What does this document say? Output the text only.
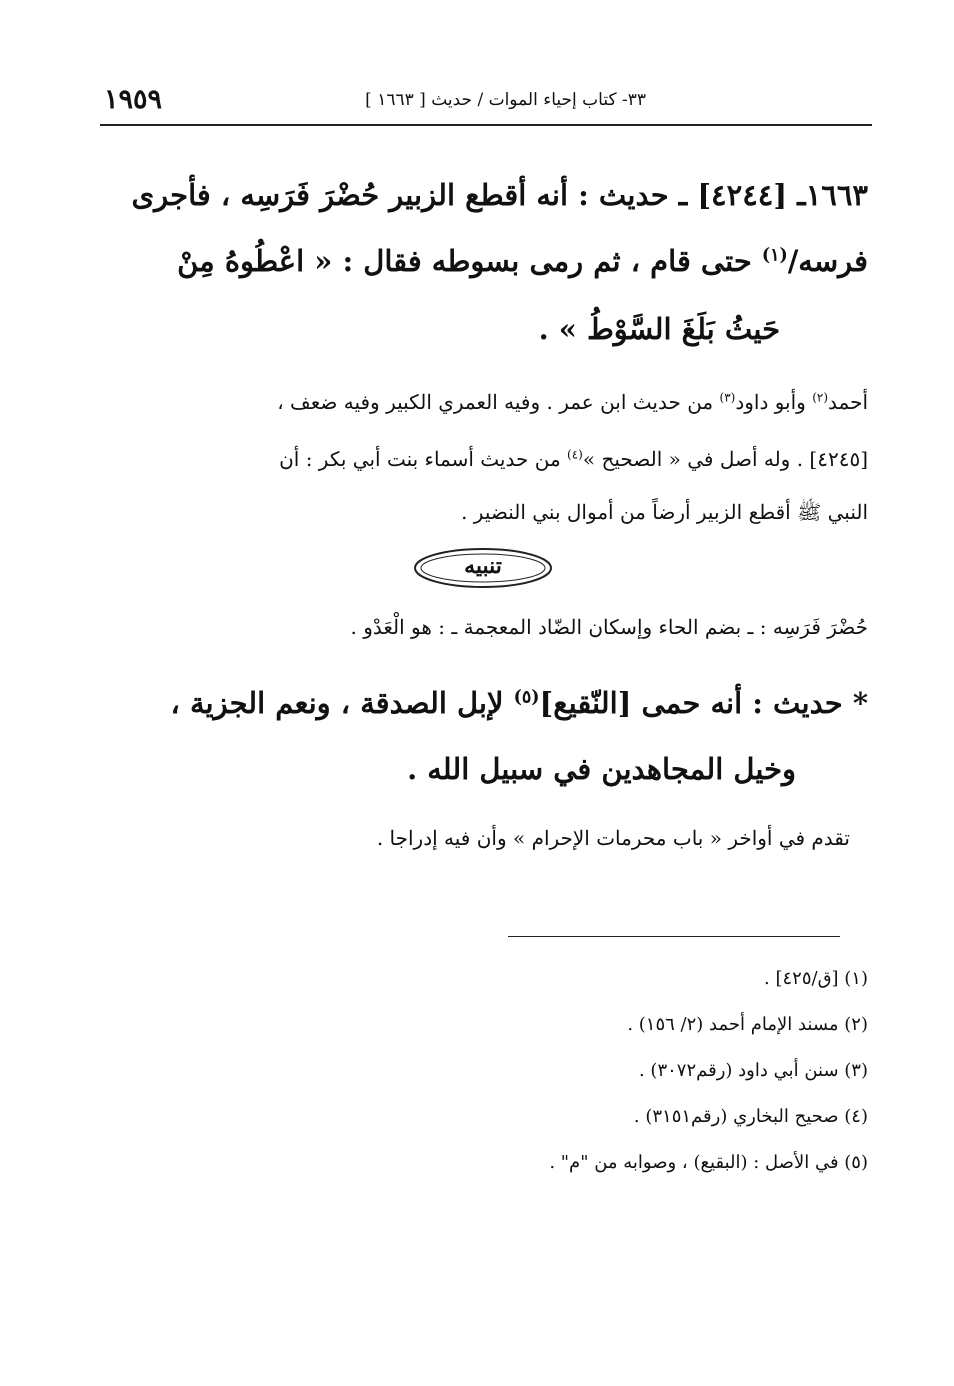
١٩٥٩	٣٣- كتاب إحياء الموات / حديث [ ١٦٦٣ ]
١٦٦٣ـ [٤٢٤٤] ـ حديث : أنه أقطع الزبير حُضْرَ فَرَسِه ، فأجرى
فرسه/$^{(١)}$ حتى قام ، ثم رمى بسوطه فقال : « اعْطُوهُ مِنْ
حَيثُ بَلَغَ السَّوْطُ » .
أحمد$^{(٢)}$ وأبو داود$^{(٣)}$ من حديث ابن عمر . وفيه العمري الكبير وفيه ضعف ،
[٤٢٤٥] . وله أصل في « الصحيح »$^{(٤)}$ من حديث أسماء بنت أبي بكر : أن
النبي ﷺ أقطع الزبير أرضاً من أموال بني النضير .
تنبيه
حُضْرَ فَرَسِه : ـ بضم الحاء وإسكان الضّاد المعجمة ـ : هو الْعَدْو .
* حديث : أنه حمى [النّقيع]$^{(٥)}$ لإبل الصدقة ، ونعم الجزية ،
وخيل المجاهدين في سبيل الله .
تقدم في أواخر « باب محرمات الإحرام » وأن فيه إدراجا .
(١) [ق/٤٢٥] .
(٢) مسند الإمام أحمد (٢/ ١٥٦) .
(٣) سنن أبي داود (رقم٣٠٧٢) .
(٤) صحيح البخاري (رقم٣١٥١) .
(٥) في الأصل : (البقيع) ، وصوابه من "م" .
